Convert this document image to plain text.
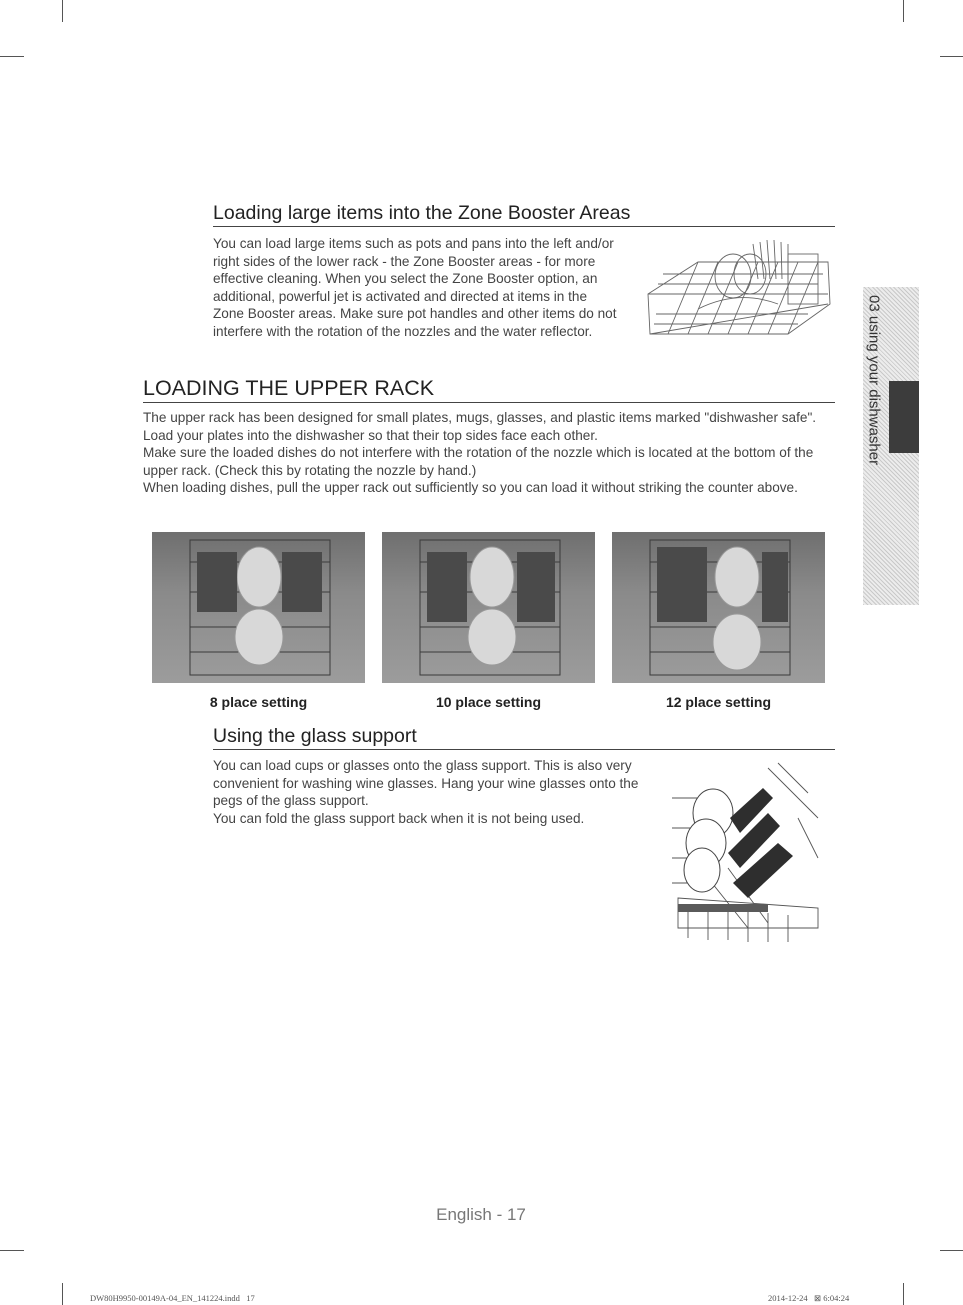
Loading large items into the Zone Booster Areas

You can load large items such as pots and pans into the left and/or right sides of the lower rack - the Zone Booster areas - for more effective cleaning. When you select the Zone Booster option, an additional, powerful jet is activated and directed at items in the Zone Booster areas. Make sure pot handles and other items do not interfere with the rotation of the nozzles and the water reflector.

LOADING THE UPPER RACK

The upper rack has been designed for small plates, mugs, glasses, and plastic items marked "dishwasher safe". Load your plates into the dishwasher so that their top sides face each other.

Make sure the loaded dishes do not interfere with the rotation of the nozzle which is located at the bottom of the upper rack. (Check this by rotating the nozzle by hand.)

When loading dishes, pull the upper rack out sufficiently so you can load it without striking the counter above.

8 place setting	10 place setting	12 place setting
Using the glass support

You can load cups or glasses onto the glass support. This is also very convenient for washing wine glasses. Hang your wine glasses onto the pegs of the glass support.

You can fold the glass support back when it is not being used.

03 using your dishwasher
English - 17
DW80H9950-00149A-04_EN_141224.indd   17	2014-12-24   ⊠ 6:04:24
